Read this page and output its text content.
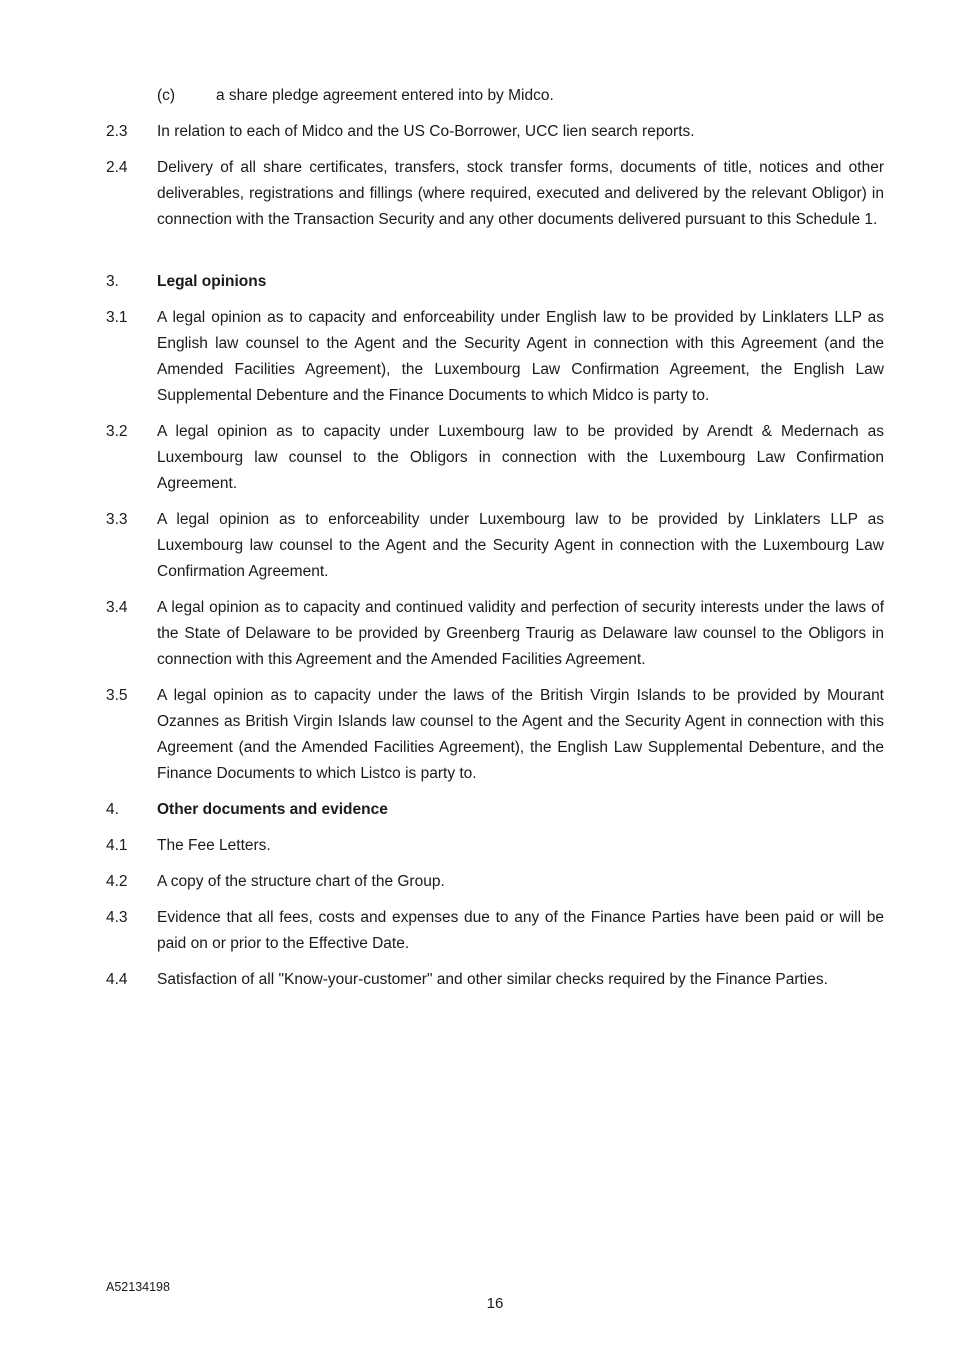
(c)	a share pledge agreement entered into by Midco.
2.3	In relation to each of Midco and the US Co-Borrower, UCC lien search reports.
2.4	Delivery of all share certificates, transfers, stock transfer forms, documents of title, notices and other deliverables, registrations and fillings (where required, executed and delivered by the relevant Obligor) in connection with the Transaction Security and any other documents delivered pursuant to this Schedule 1.
3.	Legal opinions
3.1	A legal opinion as to capacity and enforceability under English law to be provided by Linklaters LLP as English law counsel to the Agent and the Security Agent in connection with this Agreement (and the Amended Facilities Agreement), the Luxembourg Law Confirmation Agreement, the English Law Supplemental Debenture and the Finance Documents to which Midco is party to.
3.2	A legal opinion as to capacity under Luxembourg law to be provided by Arendt & Medernach as Luxembourg law counsel to the Obligors in connection with the Luxembourg Law Confirmation Agreement.
3.3	A legal opinion as to enforceability under Luxembourg law to be provided by Linklaters LLP as Luxembourg law counsel to the Agent and the Security Agent in connection with the Luxembourg Law Confirmation Agreement.
3.4	A legal opinion as to capacity and continued validity and perfection of security interests under the laws of the State of Delaware to be provided by Greenberg Traurig as Delaware law counsel to the Obligors in connection with this Agreement and the Amended Facilities Agreement.
3.5	A legal opinion as to capacity under the laws of the British Virgin Islands to be provided by Mourant Ozannes as British Virgin Islands law counsel to the Agent and the Security Agent in connection with this Agreement (and the Amended Facilities Agreement), the English Law Supplemental Debenture, and the Finance Documents to which Listco is party to.
4.	Other documents and evidence
4.1	The Fee Letters.
4.2	A copy of the structure chart of the Group.
4.3	Evidence that all fees, costs and expenses due to any of the Finance Parties have been paid or will be paid on or prior to the Effective Date.
4.4	Satisfaction of all "Know-your-customer" and other similar checks required by the Finance Parties.
A52134198
16
